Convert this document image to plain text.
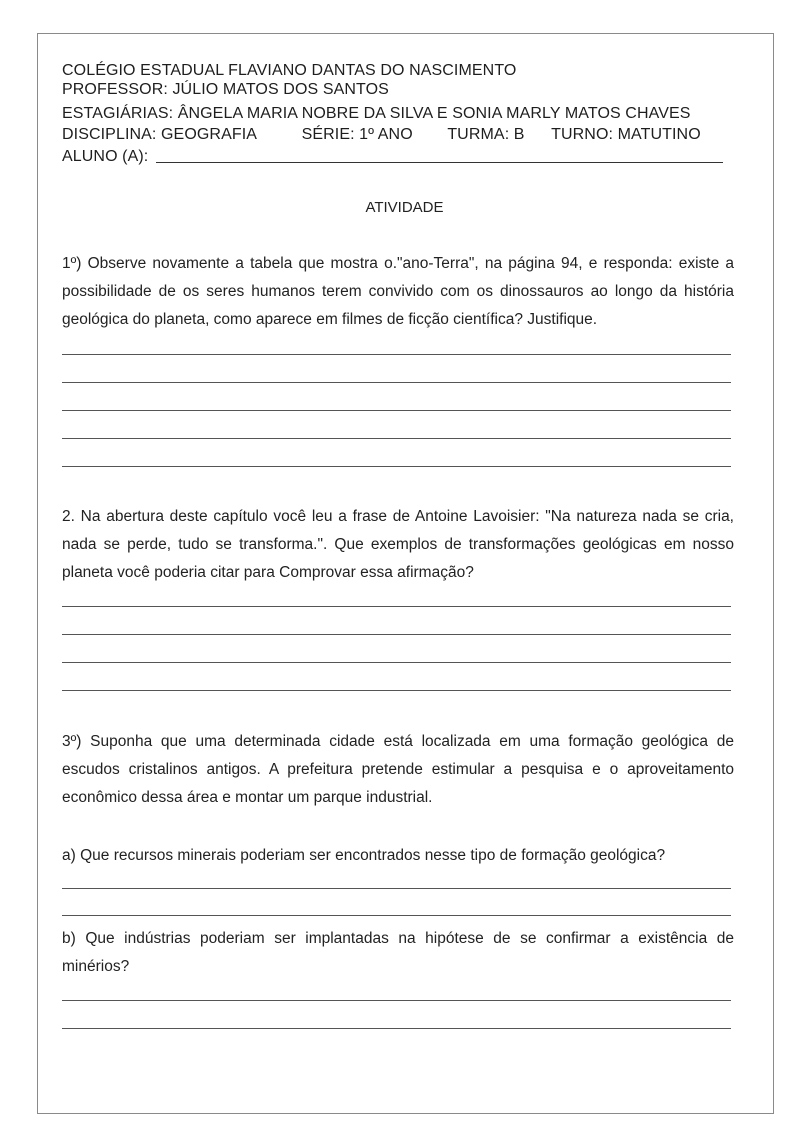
COLÉGIO ESTADUAL FLAVIANO DANTAS DO NASCIMENTO
PROFESSOR: JÚLIO MATOS DOS SANTOS
ESTAGIÁRIAS: ÂNGELA MARIA NOBRE DA SILVA E SONIA MARLY MATOS CHAVES
DISCIPLINA: GEOGRAFIA	SÉRIE: 1º ANO TURMA: B TURNO: MATUTINO
ALUNO (A):
ATIVIDADE
1º) Observe novamente a tabela que mostra o."ano-Terra", na página 94, e responda: existe a possibilidade de os seres humanos terem convivido com os dinossauros ao longo da história geológica do planeta, como aparece em filmes de ficção científica? Justifique.
2. Na abertura deste capítulo você leu a frase de Antoine Lavoisier: "Na natureza nada se cria, nada se perde, tudo se transforma.". Que exemplos de transformações geológicas em nosso planeta você poderia citar para Comprovar essa afirmação?
3º) Suponha que uma determinada cidade está localizada em uma formação geológica de escudos cristalinos antigos. A prefeitura pretende estimular a pesquisa e o aproveitamento econômico dessa área e montar um parque industrial.
a) Que recursos minerais poderiam ser encontrados nesse tipo de formação geológica?
b) Que indústrias poderiam ser implantadas na hipótese de se confirmar a existência de minérios?
